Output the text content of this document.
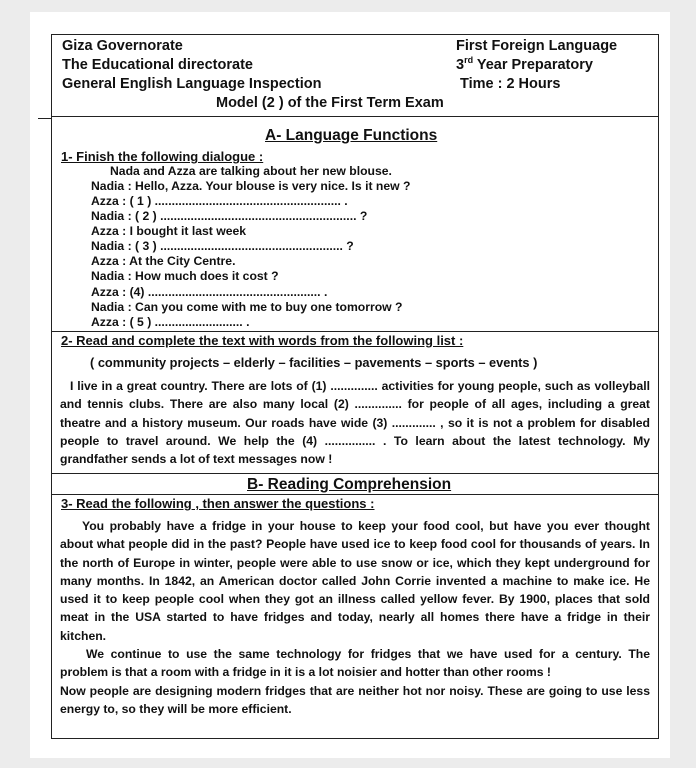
Giza Governorate
The Educational directorate
General English Language Inspection
First Foreign Language
3rd Year Preparatory
Time : 2 Hours
Model (2 ) of the First Term Exam
A- Language Functions
1- Finish the following dialogue :
Nada and Azza are talking about her new blouse.
Nadia : Hello, Azza. Your blouse is very nice. Is it new ?
Azza : ( 1 ) ....................................................... .
Nadia : ( 2 ) .......................................................... ?
Azza : I bought it last week
Nadia : ( 3 ) ...................................................... ?
Azza : At the City Centre.
Nadia : How much does it cost ?
Azza : (4) ................................................... .
Nadia : Can you come with me to buy one tomorrow ?
Azza : ( 5 ) .......................... .
2- Read and complete the text with words from the following list :
( community projects – elderly – facilities – pavements – sports – events )

I live in a great country. There are lots of (1) .............. activities for young people, such as volleyball and tennis clubs. There are also many local (2) .............. for people of all ages, including a great theatre and a history museum. Our roads have wide (3) ............. , so it is not a problem for disabled people to travel around. We help the (4) ............... . To learn about the latest technology. My grandfather sends a lot of text messages now !

B- Reading Comprehension
3- Read the following , then answer the questions :

You probably have a fridge in your house to keep your food cool, but have you ever thought about what people did in the past? People have used ice to keep food cool for thousands of years. In the north of Europe in winter, people were able to use snow or ice, which they kept underground for many months. In 1842, an American doctor called John Corrie invented a machine to make ice. He used it to keep people cool when they got an illness called yellow fever. By 1900, places that sold meat in the USA started to have fridges and today, nearly all homes there have a fridge in their kitchen.

We continue to use the same technology for fridges that we have used for a century. The problem is that a room with a fridge in it is a lot noisier and hotter than other rooms !

Now people are designing modern fridges that are neither hot nor noisy. These are going to use less energy to, so they will be more efficient.
